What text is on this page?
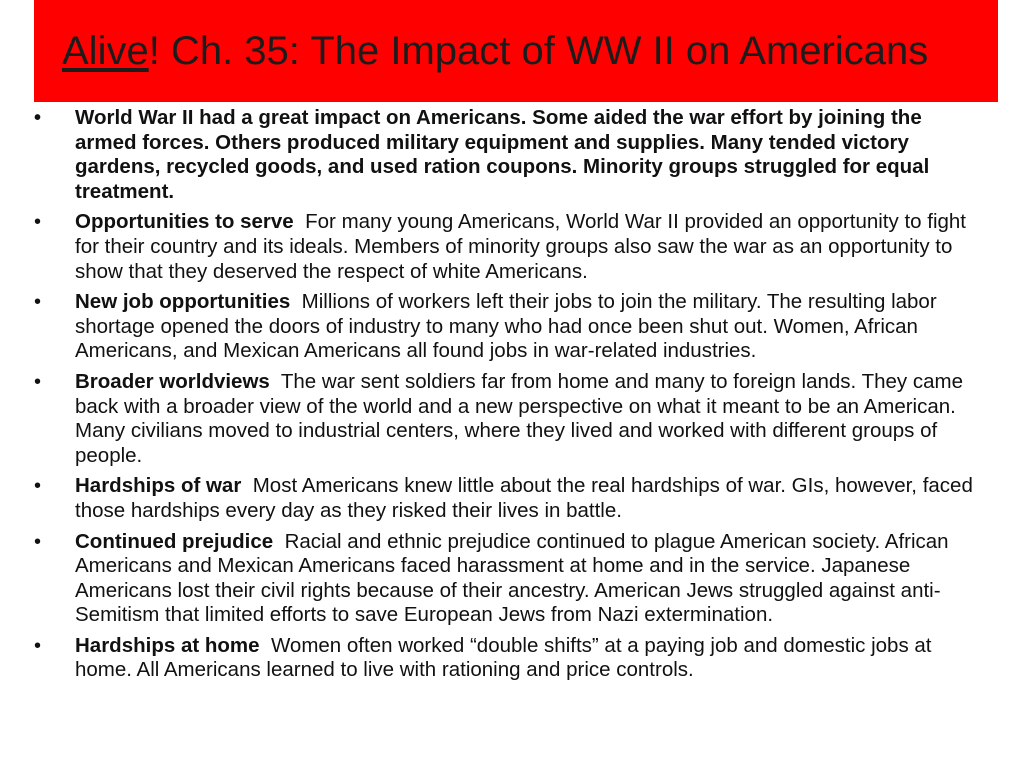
Alive! Ch. 35: The Impact of WW II on Americans
• World War II had a great impact on Americans. Some aided the war effort by joining the armed forces. Others produced military equipment and supplies. Many tended victory gardens, recycled goods, and used ration coupons. Minority groups struggled for equal treatment.
• Opportunities to serve For many young Americans, World War II provided an opportunity to fight for their country and its ideals. Members of minority groups also saw the war as an opportunity to show that they deserved the respect of white Americans.
• New job opportunities Millions of workers left their jobs to join the military. The resulting labor shortage opened the doors of industry to many who had once been shut out. Women, African Americans, and Mexican Americans all found jobs in war-related industries.
• Broader worldviews The war sent soldiers far from home and many to foreign lands. They came back with a broader view of the world and a new perspective on what it meant to be an American. Many civilians moved to industrial centers, where they lived and worked with different groups of people.
• Hardships of war Most Americans knew little about the real hardships of war. GIs, however, faced those hardships every day as they risked their lives in battle.
• Continued prejudice Racial and ethnic prejudice continued to plague American society. African Americans and Mexican Americans faced harassment at home and in the service. Japanese Americans lost their civil rights because of their ancestry. American Jews struggled against anti-Semitism that limited efforts to save European Jews from Nazi extermination.
• Hardships at home Women often worked “double shifts” at a paying job and domestic jobs at home. All Americans learned to live with rationing and price controls.
